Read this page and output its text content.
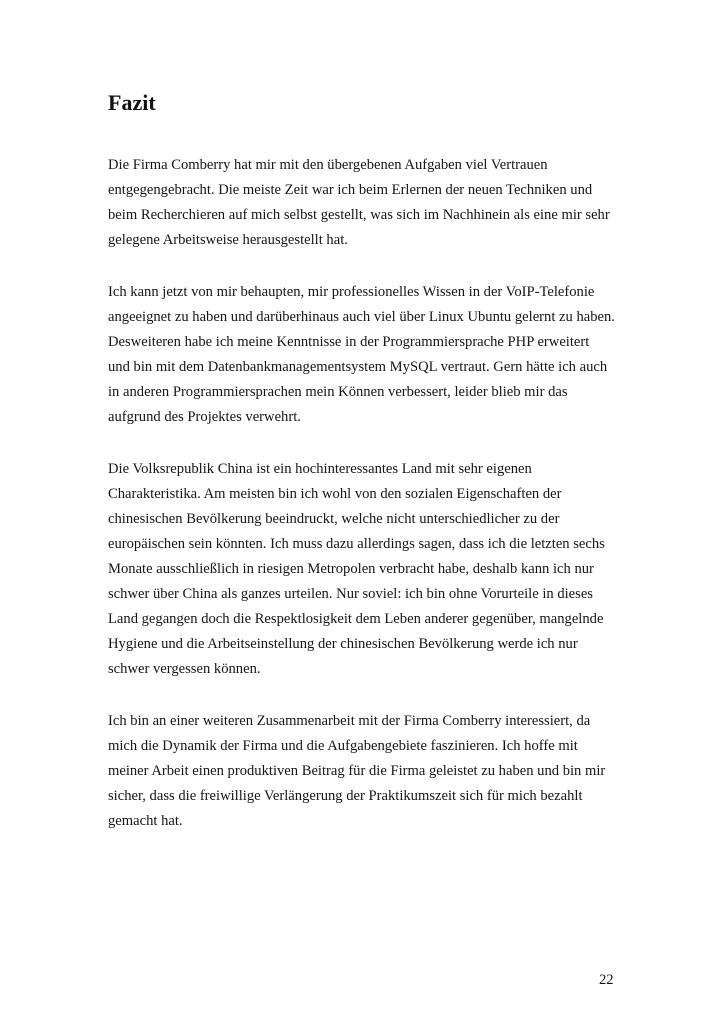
Fazit

Die Firma Comberry hat mir mit den übergebenen Aufgaben viel Vertrauen

entgegengebracht. Die meiste Zeit war ich beim Erlernen der neuen Techniken und

beim Recherchieren auf mich selbst gestellt, was sich im Nachhinein als eine mir sehr

gelegene Arbeitsweise herausgestellt hat.

Ich kann jetzt von mir behaupten, mir professionelles Wissen in der VoIP-Telefonie

angeeignet zu haben und darüberhinaus auch viel über Linux Ubuntu gelernt zu haben.

Desweiteren habe ich meine Kenntnisse in der Programmiersprache PHP erweitert

und bin mit dem Datenbankmanagementsystem MySQL vertraut. Gern hätte ich auch

in anderen Programmiersprachen mein Können verbessert, leider blieb mir das

aufgrund des Projektes verwehrt.

Die Volksrepublik China ist ein hochinteressantes Land mit sehr eigenen

Charakteristika. Am meisten bin ich wohl von den sozialen Eigenschaften der

chinesischen Bevölkerung beeindruckt, welche nicht unterschiedlicher zu der

europäischen sein könnten. Ich muss dazu allerdings sagen, dass ich die letzten sechs

Monate ausschließlich in riesigen Metropolen verbracht habe, deshalb kann ich nur

schwer über China als ganzes urteilen. Nur soviel: ich bin ohne Vorurteile in dieses

Land gegangen doch die Respektlosigkeit dem Leben anderer gegenüber, mangelnde

Hygiene und die Arbeitseinstellung der chinesischen Bevölkerung werde ich nur

schwer vergessen können.

Ich bin an einer weiteren Zusammenarbeit mit der Firma Comberry interessiert, da

mich die Dynamik der Firma und die Aufgabengebiete faszinieren. Ich hoffe mit

meiner Arbeit einen produktiven Beitrag für die Firma geleistet zu haben und bin mir

sicher, dass die freiwillige Verlängerung der Praktikumszeit sich für mich bezahlt

gemacht hat.

22
